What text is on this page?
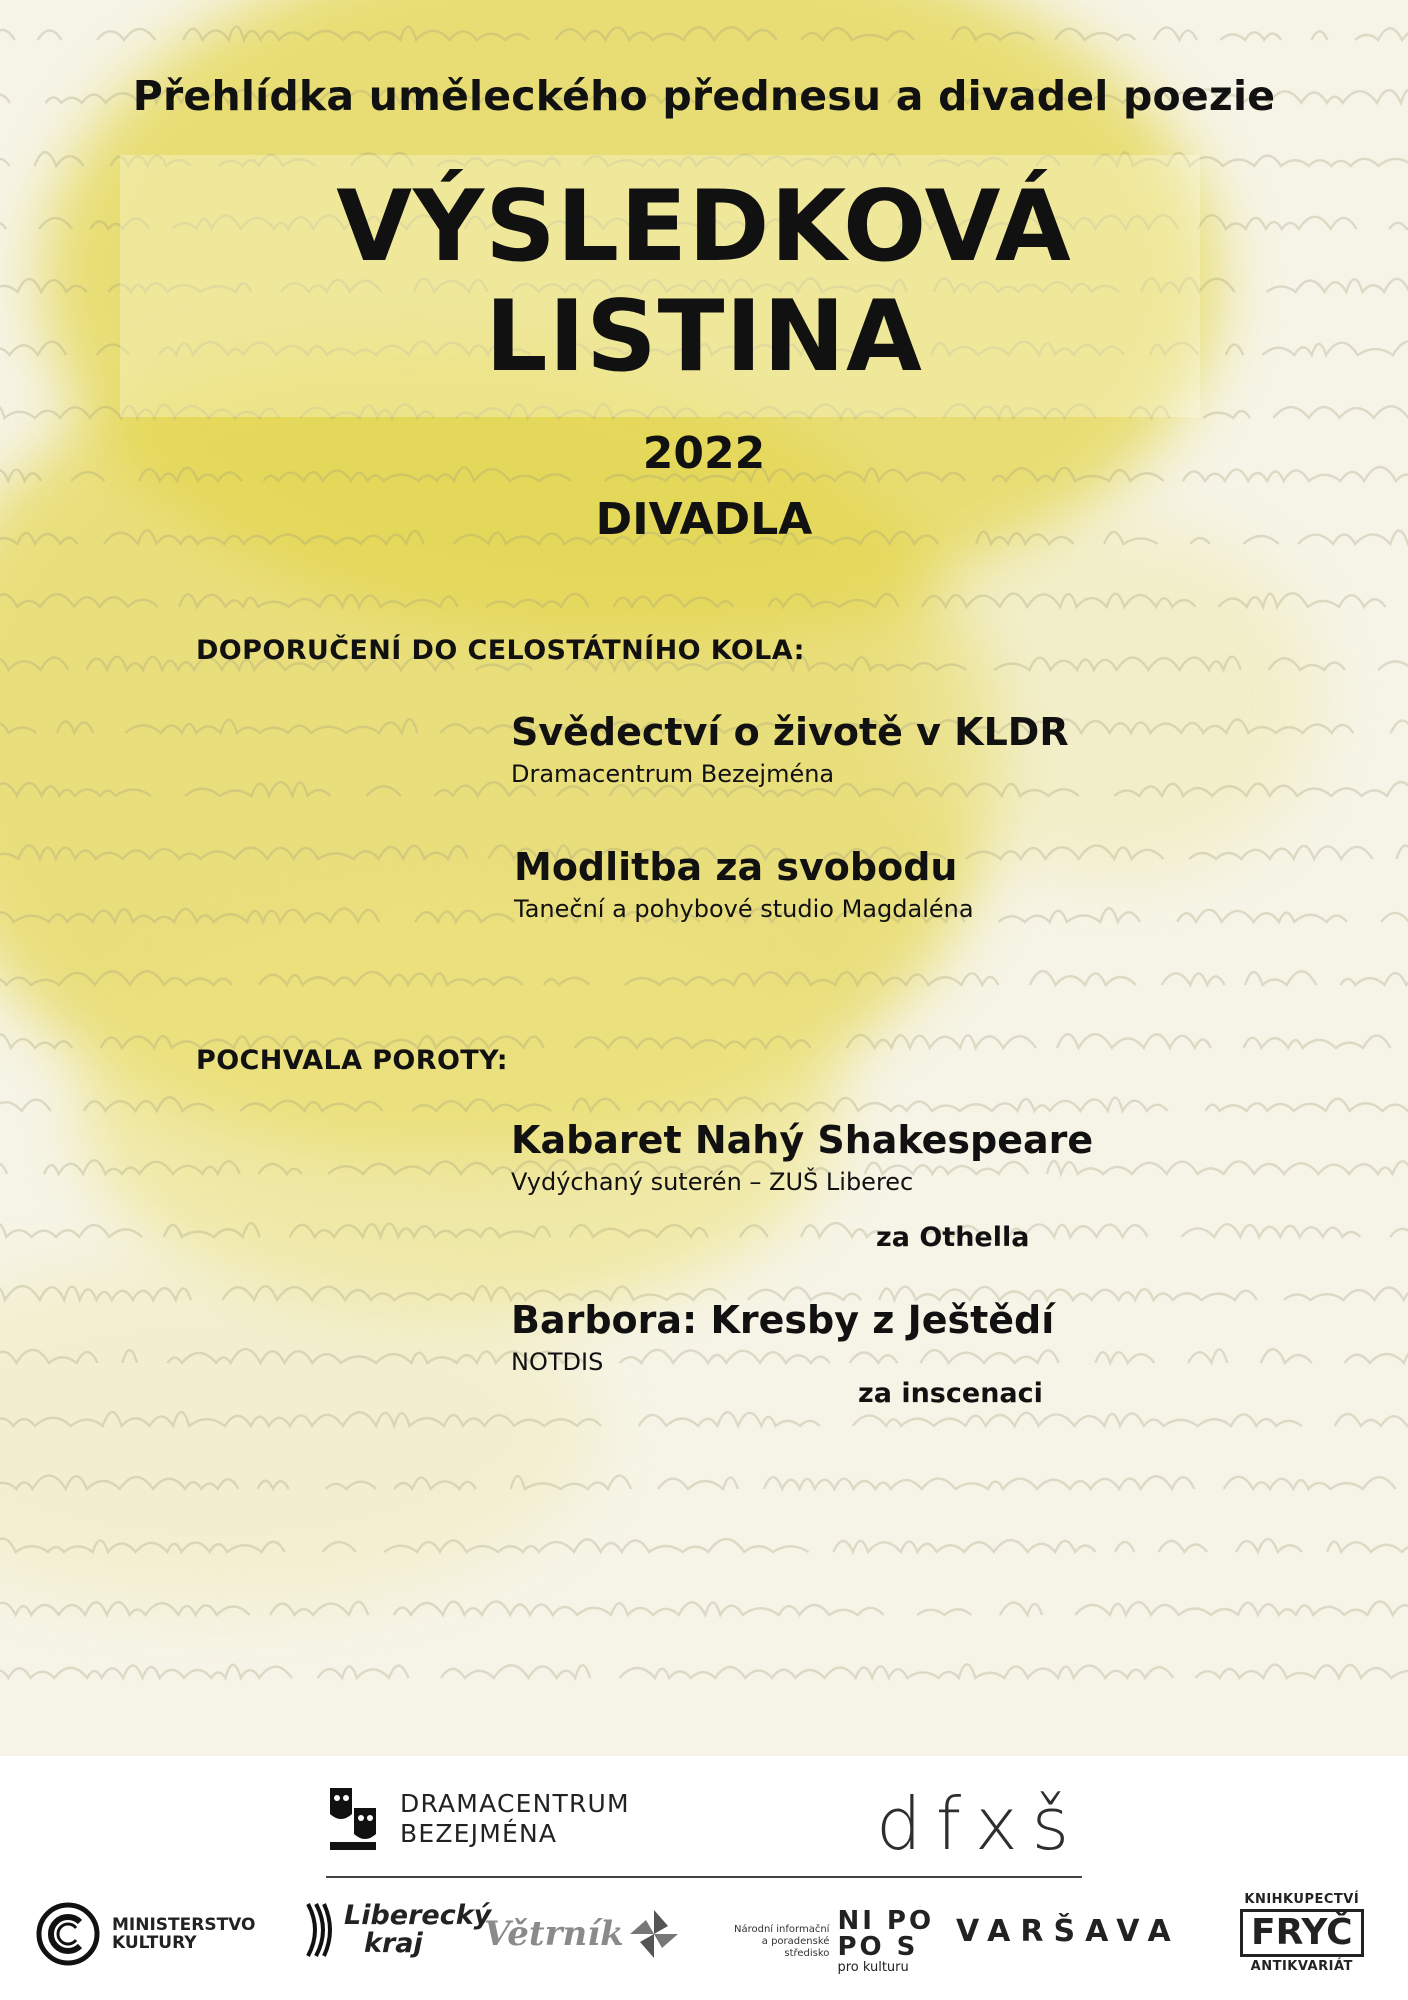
Přehlídka uměleckého přednesu a divadel poezie
VÝSLEDKOVÁ
LISTINA
2022
DIVADLA
DOPORUČENÍ DO CELOSTÁTNÍHO KOLA:
Svědectví o životě v KLDR
Dramacentrum Bezejména
Modlitba za svobodu
Taneční a pohybové studio Magdaléna
POCHVALA POROTY:
Kabaret Nahý Shakespeare
Vydýchaný suterén – ZUŠ Liberec
za Othella
Barbora: Kresby z Ještědí
NOTDIS
za inscenaci
DRAMACENTRUM
BEZEJMÉNA	dfxš
MINISTERSTVO
KULTURY
Liberecký
kraj	Větrník	Národní informační
a poradenské
středisko
NI PO
PO S
pro kulturu
VARŠAVA
KNIHKUPECTVÍ
FRYČ
ANTIKVARIÁT
